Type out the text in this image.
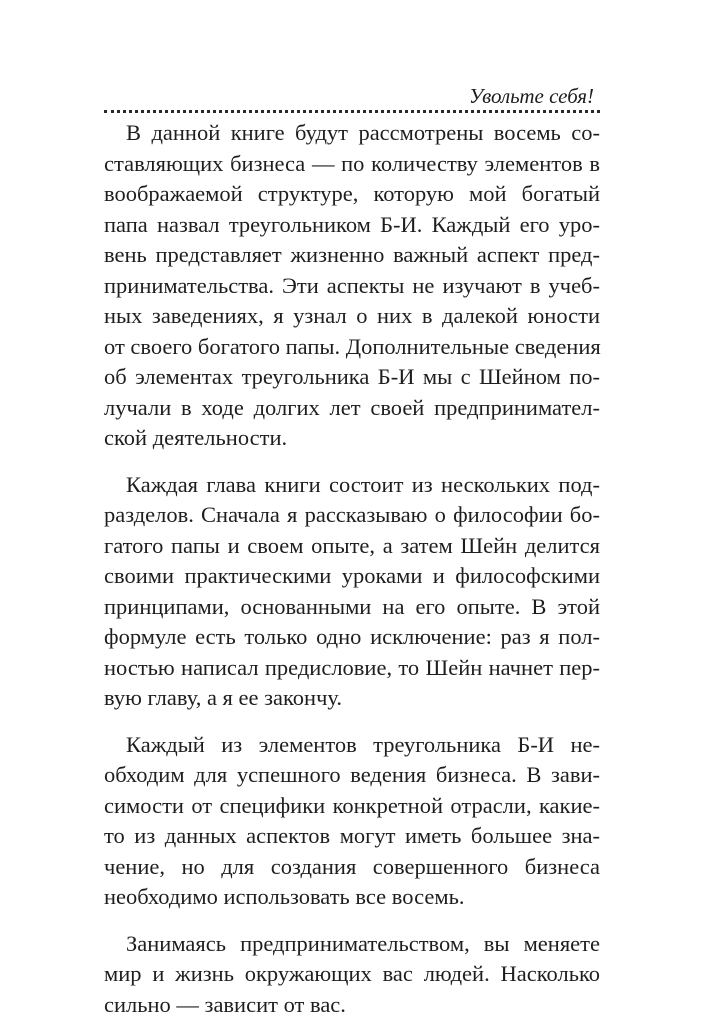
Увольте себя!

В данной книге будут рассмотрены восемь со-
ставляющих бизнеса — по количеству элементов в
воображаемой структуре, которую мой богатый
папа назвал треугольником Б-И. Каждый его уро-
вень представляет жизненно важный аспект пред-
принимательства. Эти аспекты не изучают в учеб-
ных заведениях, я узнал о них в далекой юности
от своего богатого папы. Дополнительные сведения
об элементах треугольника Б-И мы с Шейном по-
лучали в ходе долгих лет своей предпринимател-
ской деятельности.

Каждая глава книги состоит из нескольких под-
разделов. Сначала я рассказываю о философии бо-
гатого папы и своем опыте, а затем Шейн делится
своими практическими уроками и философскими
принципами, основанными на его опыте. В этой
формуле есть только одно исключение: раз я пол-
ностью написал предисловие, то Шейн начнет пер-
вую главу, а я ее закончу.

Каждый из элементов треугольника Б-И не-
обходим для успешного ведения бизнеса. В зави-
симости от специфики конкретной отрасли, какие-
то из данных аспектов могут иметь большее зна-
чение, но для создания совершенного бизнеса
необходимо использовать все восемь.

Занимаясь предпринимательством, вы меняете
мир и жизнь окружающих вас людей. Насколько
сильно — зависит от вас.
